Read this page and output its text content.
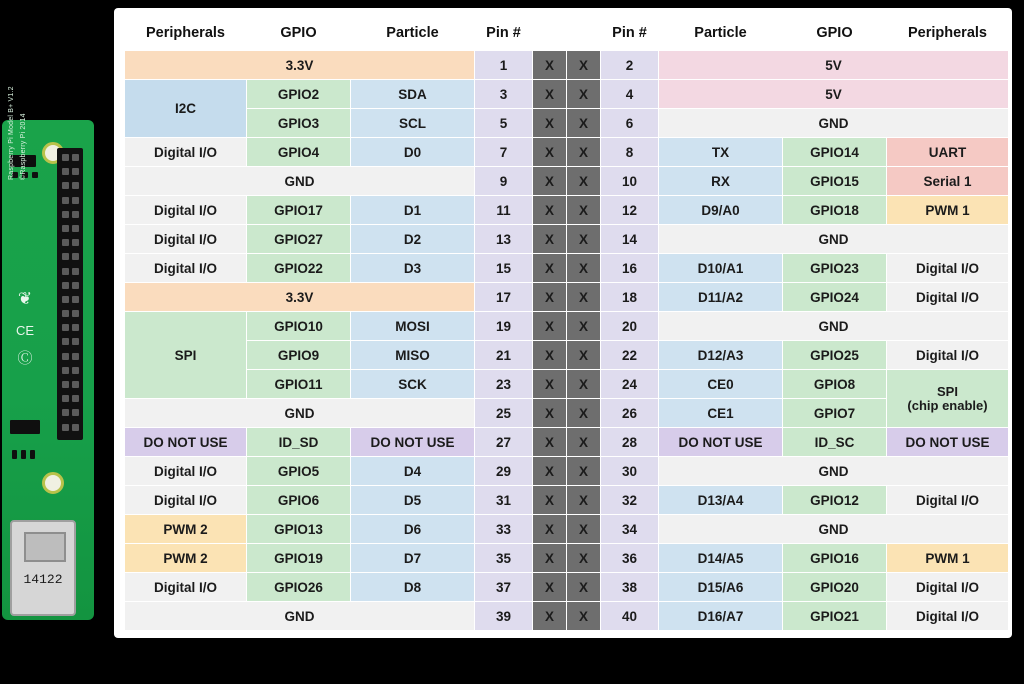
Raspberry Pi Model B+ V1.2 ©Raspberry Pi 2014
❦
CE
Ⓒ
14122
Peripherals	GPIO	Particle	Pin #			Pin #	Particle	GPIO	Peripherals
3.3V			1	X	X	2	5V		
I2C	GPIO2	SDA	3	X	X	4	5V		
	GPIO3	SCL	5	X	X	6	GND		
Digital I/O	GPIO4	D0	7	X	X	8	TX	GPIO14	UART
GND			9	X	X	10	RX	GPIO15	Serial 1
Digital I/O	GPIO17	D1	11	X	X	12	D9/A0	GPIO18	PWM 1
Digital I/O	GPIO27	D2	13	X	X	14	GND		
Digital I/O	GPIO22	D3	15	X	X	16	D10/A1	GPIO23	Digital I/O
3.3V			17	X	X	18	D11/A2	GPIO24	Digital I/O
SPI	GPIO10	MOSI	19	X	X	20	GND		
	GPIO9	MISO	21	X	X	22	D12/A3	GPIO25	Digital I/O
	GPIO11	SCK	23	X	X	24	CE0	GPIO8	SPI
(chip enable)
GND			25	X	X	26	CE1	GPIO7	
DO NOT USE	ID_SD	DO NOT USE	27	X	X	28	DO NOT USE	ID_SC	DO NOT USE
Digital I/O	GPIO5	D4	29	X	X	30	GND		
Digital I/O	GPIO6	D5	31	X	X	32	D13/A4	GPIO12	Digital I/O
PWM 2	GPIO13	D6	33	X	X	34	GND		
PWM 2	GPIO19	D7	35	X	X	36	D14/A5	GPIO16	PWM 1
Digital I/O	GPIO26	D8	37	X	X	38	D15/A6	GPIO20	Digital I/O
GND			39	X	X	40	D16/A7	GPIO21	Digital I/O
